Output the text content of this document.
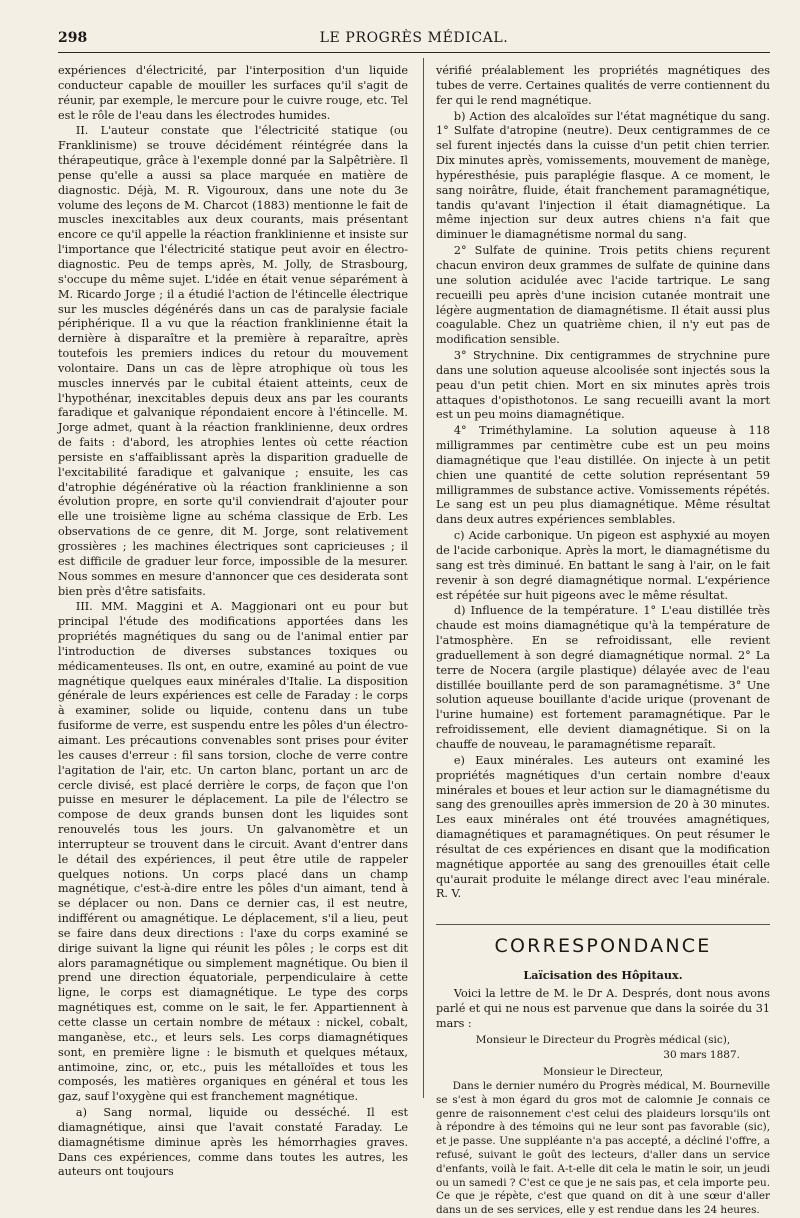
298	LE PROGRÈS MÉDICAL.

expériences d'électricité, par l'interposition d'un liquide conducteur capable de mouiller les surfaces qu'il s'agit de réunir, par exemple, le mercure pour le cuivre rouge, etc. Tel est le rôle de l'eau dans les électrodes humides.

II. L'auteur constate que l'électricité statique (ou Franklinisme) se trouve décidément réintégrée dans la thérapeutique, grâce à l'exemple donné par la Salpêtrière. Il pense qu'elle a aussi sa place marquée en matière de diagnostic. Déjà, M. R. Vigouroux, dans une note du 3e volume des leçons de M. Charcot (1883) mentionne le fait de muscles inexcitables aux deux courants, mais présentant encore ce qu'il appelle la réaction franklinienne et insiste sur l'importance que l'électricité statique peut avoir en électro-diagnostic. Peu de temps après, M. Jolly, de Strasbourg, s'occupe du même sujet. L'idée en était venue séparément à M. Ricardo Jorge ; il a étudié l'action de l'étincelle électrique sur les muscles dégénérés dans un cas de paralysie faciale périphérique. Il a vu que la réaction franklinienne était la dernière à disparaître et la première à reparaître, après toutefois les premiers indices du retour du mouvement volontaire. Dans un cas de lèpre atrophique où tous les muscles innervés par le cubital étaient atteints, ceux de l'hypothénar, inexcitables depuis deux ans par les courants faradique et galvanique répondaient encore à l'étincelle. M. Jorge admet, quant à la réaction franklinienne, deux ordres de faits : d'abord, les atrophies lentes où cette réaction persiste en s'affaiblissant après la disparition graduelle de l'excitabilité faradique et galvanique ; ensuite, les cas d'atrophie dégénérative où la réaction franklinienne a son évolution propre, en sorte qu'il conviendrait d'ajouter pour elle une troisième ligne au schéma classique de Erb. Les observations de ce genre, dit M. Jorge, sont relativement grossières ; les machines électriques sont capricieuses ; il est difficile de graduer leur force, impossible de la mesurer. Nous sommes en mesure d'annoncer que ces desiderata sont bien près d'être satisfaits.

III. MM. Maggini et A. Maggionari ont eu pour but principal l'étude des modifications apportées dans les propriétés magnétiques du sang ou de l'animal entier par l'introduction de diverses substances toxiques ou médicamenteuses. Ils ont, en outre, examiné au point de vue magnétique quelques eaux minérales d'Italie. La disposition générale de leurs expériences est celle de Faraday : le corps à examiner, solide ou liquide, contenu dans un tube fusiforme de verre, est suspendu entre les pôles d'un électro-aimant. Les précautions convenables sont prises pour éviter les causes d'erreur : fil sans torsion, cloche de verre contre l'agitation de l'air, etc. Un carton blanc, portant un arc de cercle divisé, est placé derrière le corps, de façon que l'on puisse en mesurer le déplacement. La pile de l'électro se compose de deux grands bunsen dont les liquides sont renouvelés tous les jours. Un galvanomètre et un interrupteur se trouvent dans le circuit. Avant d'entrer dans le détail des expériences, il peut être utile de rappeler quelques notions. Un corps placé dans un champ magnétique, c'est-à-dire entre les pôles d'un aimant, tend à se déplacer ou non. Dans ce dernier cas, il est neutre, indifférent ou amagnétique. Le déplacement, s'il a lieu, peut se faire dans deux directions : l'axe du corps examiné se dirige suivant la ligne qui réunit les pôles ; le corps est dit alors paramagnétique ou simplement magnétique. Ou bien il prend une direction équatoriale, perpendiculaire à cette ligne, le corps est diamagnétique. Le type des corps magnétiques est, comme on le sait, le fer. Appartiennent à cette classe un certain nombre de métaux : nickel, cobalt, manganèse, etc., et leurs sels. Les corps diamagnétiques sont, en première ligne : le bismuth et quelques métaux, antimoine, zinc, or, etc., puis les métalloïdes et tous les composés, les matières organiques en général et tous les gaz, sauf l'oxygène qui est franchement magnétique.

a) Sang normal, liquide ou desséché. Il est diamagnétique, ainsi que l'avait constaté Faraday. Le diamagnétisme diminue après les hémorrhagies graves. Dans ces expériences, comme dans toutes les autres, les auteurs ont toujours

vérifié préalablement les propriétés magnétiques des tubes de verre. Certaines qualités de verre contiennent du fer qui le rend magnétique.

b) Action des alcaloïdes sur l'état magnétique du sang. 1° Sulfate d'atropine (neutre). Deux centigrammes de ce sel furent injectés dans la cuisse d'un petit chien terrier. Dix minutes après, vomissements, mouvement de manège, hypéresthésie, puis paraplégie flasque. A ce moment, le sang noirâtre, fluide, était franchement paramagnétique, tandis qu'avant l'injection il était diamagnétique. La même injection sur deux autres chiens n'a fait que diminuer le diamagnétisme normal du sang.

2° Sulfate de quinine. Trois petits chiens reçurent chacun environ deux grammes de sulfate de quinine dans une solution acidulée avec l'acide tartrique. Le sang recueilli peu après d'une incision cutanée montrait une légère augmentation de diamagnétisme. Il était aussi plus coagulable. Chez un quatrième chien, il n'y eut pas de modification sensible.

3° Strychnine. Dix centigrammes de strychnine pure dans une solution aqueuse alcoolisée sont injectés sous la peau d'un petit chien. Mort en six minutes après trois attaques d'opisthotonos. Le sang recueilli avant la mort est un peu moins diamagnétique.

4° Triméthylamine. La solution aqueuse à 118 milligrammes par centimètre cube est un peu moins diamagnétique que l'eau distillée. On injecte à un petit chien une quantité de cette solution représentant 59 milligrammes de substance active. Vomissements répétés. Le sang est un peu plus diamagnétique. Même résultat dans deux autres expériences semblables.

c) Acide carbonique. Un pigeon est asphyxié au moyen de l'acide carbonique. Après la mort, le diamagnétisme du sang est très diminué. En battant le sang à l'air, on le fait revenir à son degré diamagnétique normal. L'expérience est répétée sur huit pigeons avec le même résultat.

d) Influence de la température. 1° L'eau distillée très chaude est moins diamagnétique qu'à la température de l'atmosphère. En se refroidissant, elle revient graduellement à son degré diamagnétique normal. 2° La terre de Nocera (argile plastique) délayée avec de l'eau distillée bouillante perd de son paramagnétisme. 3° Une solution aqueuse bouillante d'acide urique (provenant de l'urine humaine) est fortement paramagnétique. Par le refroidissement, elle devient diamagnétique. Si on la chauffe de nouveau, le paramagnétisme reparaît.

e) Eaux minérales. Les auteurs ont examiné les propriétés magnétiques d'un certain nombre d'eaux minérales et boues et leur action sur le diamagnétisme du sang des grenouilles après immersion de 20 à 30 minutes. Les eaux minérales ont été trouvées amagnétiques, diamagnétiques et paramagnétiques. On peut résumer le résultat de ces expériences en disant que la modification magnétique apportée au sang des grenouilles était celle qu'aurait produite le mélange direct avec l'eau minérale. R. V.

CORRESPONDANCE
Laïcisation des Hôpitaux.

Voici la lettre de M. le Dr A. Després, dont nous avons parlé et qui ne nous est parvenue que dans la soirée du 31 mars :

Monsieur le Directeur du Progrès médical (sic),
30 mars 1887.
Monsieur le Directeur,

Dans le dernier numéro du Progrès médical, M. Bourneville se s'est à mon égard du gros mot de calomnie Je connais ce genre de raisonnement c'est celui des plaideurs lorsqu'ils ont à répondre à des témoins qui ne leur sont pas favorable (sic), et je passe. Une suppléante n'a pas accepté, a décliné l'offre, a refusé, suivant le goût des lecteurs, d'aller dans un service d'enfants, voilà le fait. A-t-elle dit cela le matin le soir, un jeudi ou un samedi ? C'est ce que je ne sais pas, et cela importe peu. Ce que je répète, c'est que quand on dit à une sœur d'aller dans un de ses services, elle y est rendue dans les 24 heures.
